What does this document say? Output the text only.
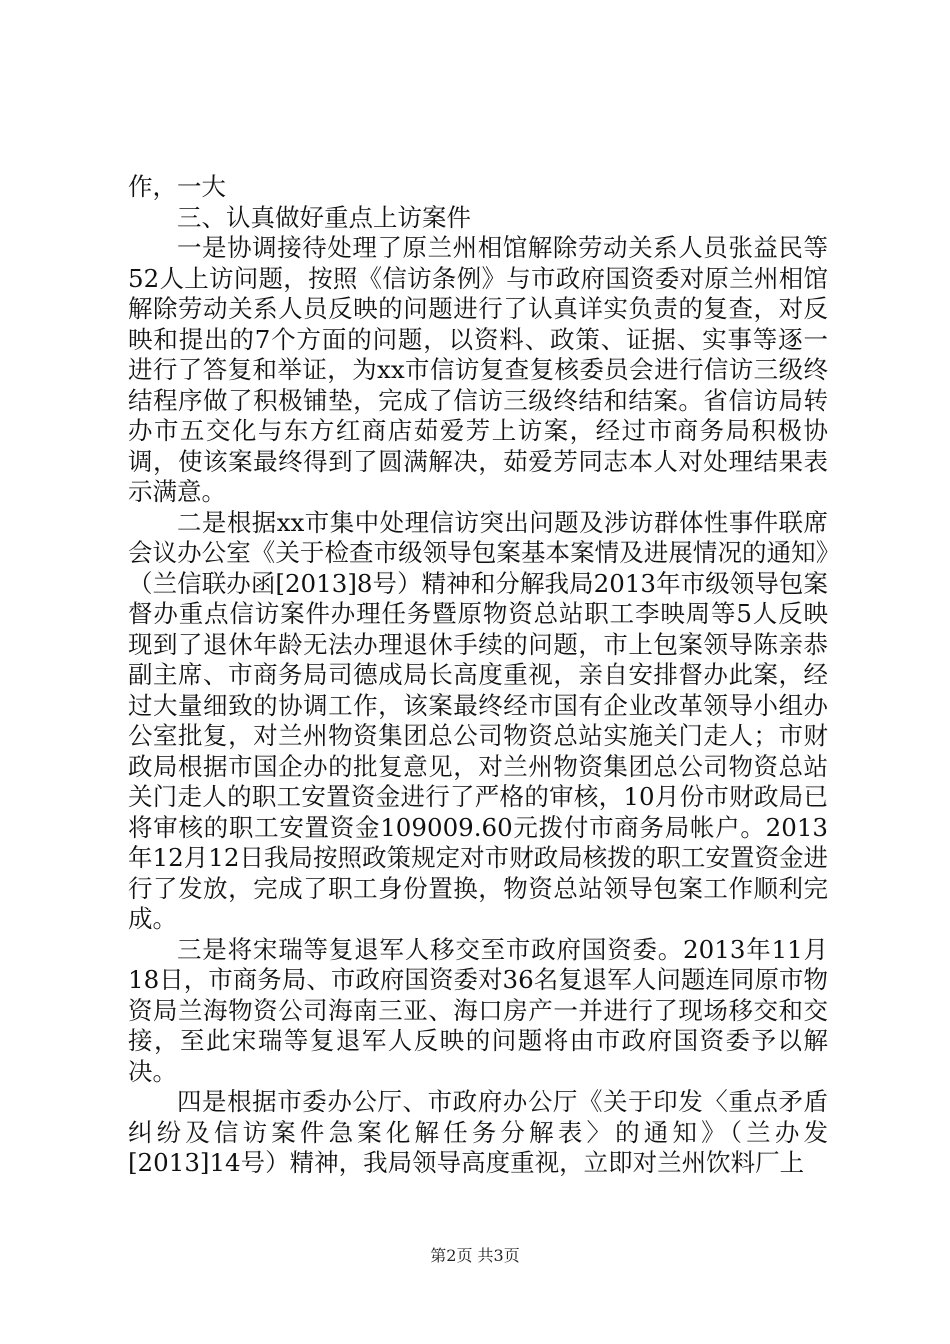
作，一大

三、认真做好重点上访案件

一是协调接待处理了原兰州相馆解除劳动关系人员张益民等52人上访问题，按照《信访条例》与市政府国资委对原兰州相馆解除劳动关系人员反映的问题进行了认真详实负责的复查，对反映和提出的7个方面的问题，以资料、政策、证据、实事等逐一进行了答复和举证，为xx市信访复查复核委员会进行信访三级终结程序做了积极铺垫，完成了信访三级终结和结案。省信访局转办市五交化与东方红商店茹爱芳上访案，经过市商务局积极协调，使该案最终得到了圆满解决，茹爱芳同志本人对处理结果表示满意。

二是根据xx市集中处理信访突出问题及涉访群体性事件联席会议办公室《关于检查市级领导包案基本案情及进展情况的通知》（兰信联办函[2013]8号）精神和分解我局2013年市级领导包案督办重点信访案件办理任务暨原物资总站职工李映周等5人反映现到了退休年龄无法办理退休手续的问题，市上包案领导陈亲恭副主席、市商务局司德成局长高度重视，亲自安排督办此案，经过大量细致的协调工作，该案最终经市国有企业改革领导小组办公室批复，对兰州物资集团总公司物资总站实施关门走人；市财政局根据市国企办的批复意见，对兰州物资集团总公司物资总站关门走人的职工安置资金进行了严格的审核，10月份市财政局已将审核的职工安置资金109009.60元拨付市商务局帐户。2013年12月12日我局按照政策规定对市财政局核拨的职工安置资金进行了发放，完成了职工身份置换，物资总站领导包案工作顺利完成。

三是将宋瑞等复退军人移交至市政府国资委。2013年11月18日，市商务局、市政府国资委对36名复退军人问题连同原市物资局兰海物资公司海南三亚、海口房产一并进行了现场移交和交接，至此宋瑞等复退军人反映的问题将由市政府国资委予以解决。

四是根据市委办公厅、市政府办公厅《关于印发〈重点矛盾纠纷及信访案件急案化解任务分解表〉的通知》（兰办发[2013]14号）精神，我局领导高度重视，立即对兰州饮料厂上

第2页 共3页
